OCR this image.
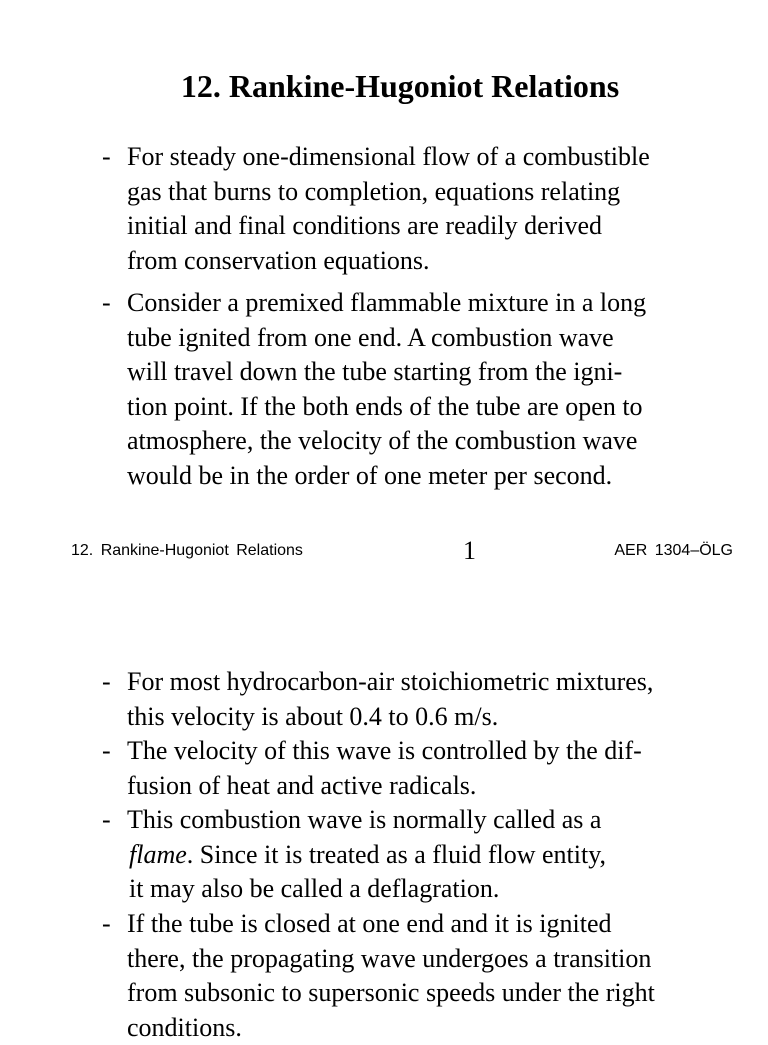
12. Rankine-Hugoniot Relations
- For steady one-dimensional flow of a combustible
gas that burns to completion, equations relating
initial and final conditions are readily derived
from conservation equations.
- Consider a premixed flammable mixture in a long
tube ignited from one end. A combustion wave
will travel down the tube starting from the igni-
tion point. If the both ends of the tube are open to
atmosphere, the velocity of the combustion wave
would be in the order of one meter per second.
12. Rankine-Hugoniot Relations	1	AER 1304–ÖLG
- For most hydrocarbon-air stoichiometric mixtures,
this velocity is about 0.4 to 0.6 m/s.
- The velocity of this wave is controlled by the dif-
fusion of heat and active radicals.
- This combustion wave is normally called as a
flame. Since it is treated as a fluid flow entity,
it may also be called a deflagration.
- If the tube is closed at one end and it is ignited
there, the propagating wave undergoes a transition
from subsonic to supersonic speeds under the right
conditions.
